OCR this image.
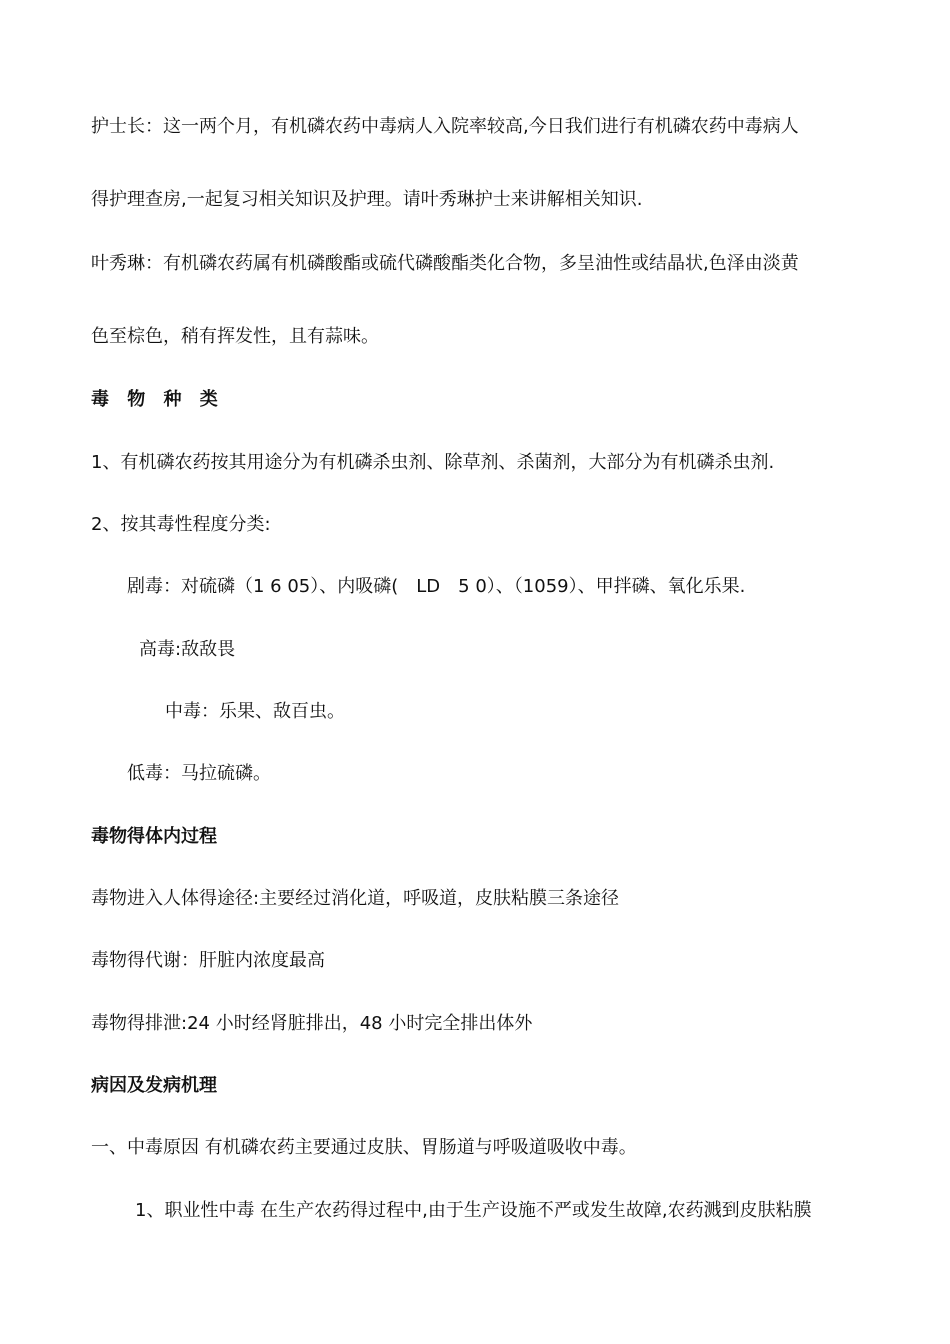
护士长：这一两个月，有机磷农药中毒病人入院率较高,今日我们进行有机磷农药中毒病人
得护理查房,一起复习相关知识及护理。请叶秀琳护士来讲解相关知识.
叶秀琳：有机磷农药属有机磷酸酯或硫代磷酸酯类化合物，多呈油性或结晶状,色泽由淡黄
色至棕色，稍有挥发性，且有蒜味。
毒 物 种 类
1、有机磷农药按其用途分为有机磷杀虫剂、除草剂、杀菌剂，大部分为有机磷杀虫剂.
2、按其毒性程度分类:
剧毒：对硫磷（1 6 05）、内吸磷(　LD　5 0）、（1059）、甲拌磷、氧化乐果.
高毒:敌敌畏
中毒：乐果、敌百虫。
低毒：马拉硫磷。
毒物得体内过程
毒物进入人体得途径:主要经过消化道，呼吸道，皮肤粘膜三条途径
毒物得代谢：肝脏内浓度最高
毒物得排泄:24 小时经肾脏排出，48 小时完全排出体外
病因及发病机理
一、中毒原因 有机磷农药主要通过皮肤、胃肠道与呼吸道吸收中毒。
1、职业性中毒 在生产农药得过程中,由于生产设施不严或发生故障,农药溅到皮肤粘膜
